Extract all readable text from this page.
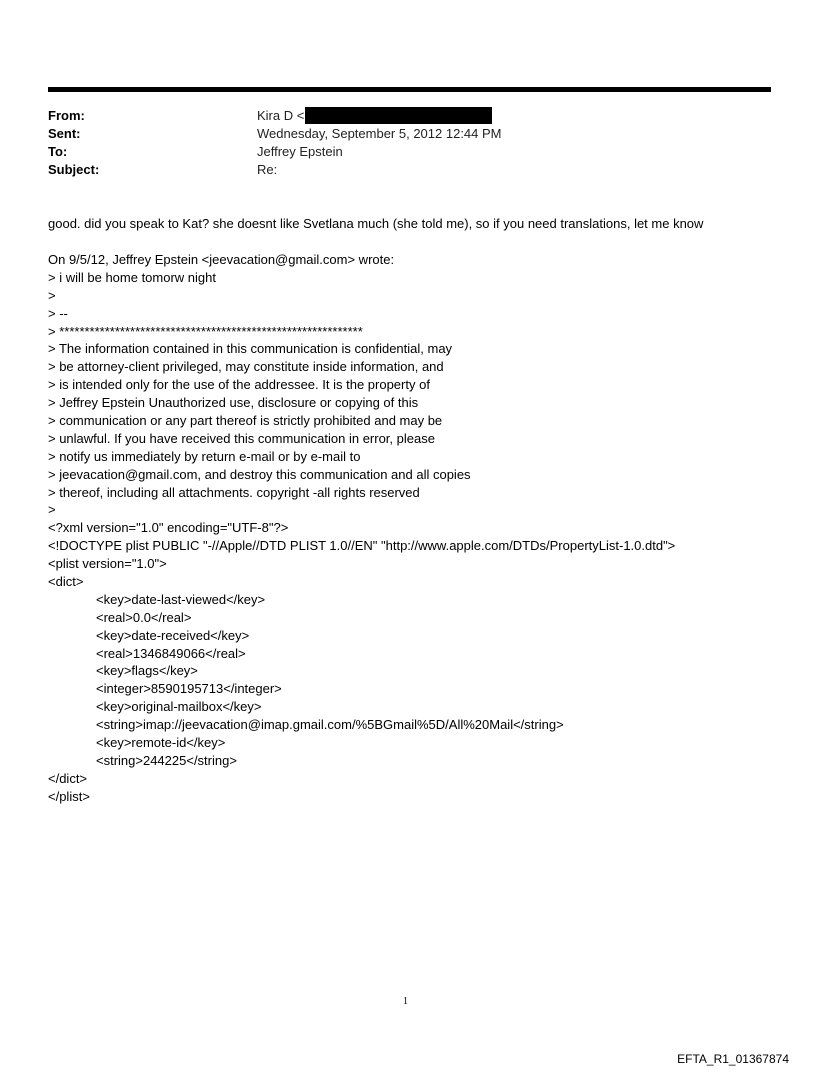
From:	Kira D <
Sent:	Wednesday, September 5, 2012 12:44 PM
To:	Jeffrey Epstein
Subject:	Re:
good. did you speak to Kat? she doesnt like Svetlana much (she told me), so if you need translations, let me know
On 9/5/12, Jeffrey Epstein <jeevacation@gmail.com> wrote:
> i will be home tomorw night
>
> --
> ************************************************************
> The information contained in this communication is confidential, may
> be attorney-client privileged, may constitute inside information, and
> is intended only for the use of the addressee. It is the property of
> Jeffrey Epstein Unauthorized use, disclosure or copying of this
> communication or any part thereof is strictly prohibited and may be
> unlawful. If you have received this communication in error, please
> notify us immediately by return e-mail or by e-mail to
> jeevacation@gmail.com, and destroy this communication and all copies
> thereof, including all attachments. copyright -all rights reserved
>
<?xml version="1.0" encoding="UTF-8"?>
<!DOCTYPE plist PUBLIC "-//Apple//DTD PLIST 1.0//EN" "http://www.apple.com/DTDs/PropertyList-1.0.dtd">
<plist version="1.0">
<dict>
<key>date-last-viewed</key>
<real>0.0</real>
<key>date-received</key>
<real>1346849066</real>
<key>flags</key>
<integer>8590195713</integer>
<key>original-mailbox</key>
<string>imap://jeevacation@imap.gmail.com/%5BGmail%5D/All%20Mail</string>
<key>remote-id</key>
<string>244225</string>
</dict>
</plist>
1
EFTA_R1_01367874
